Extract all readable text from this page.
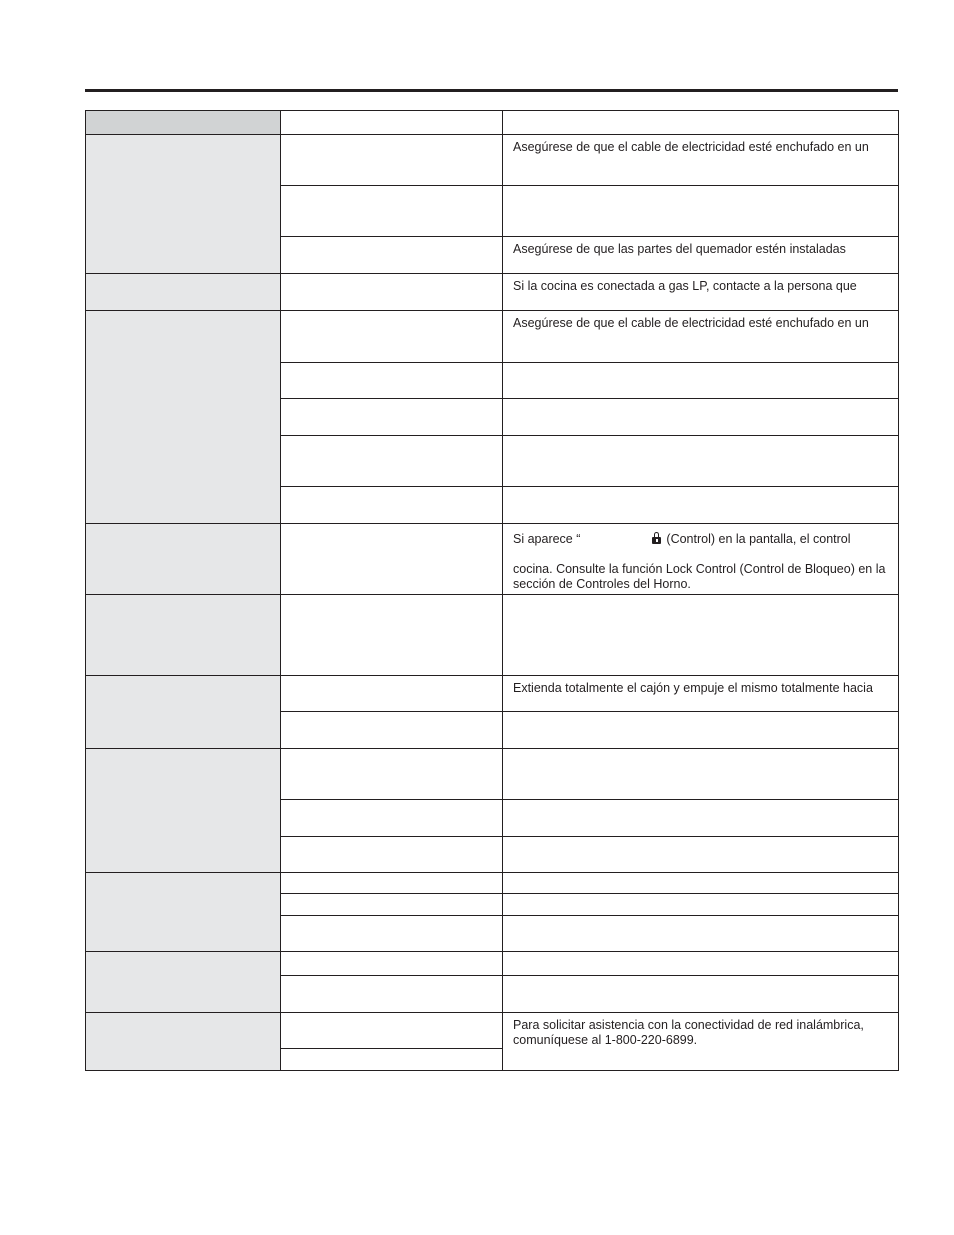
		Asegúrese de que el cable de electricidad esté enchufado en un

		Asegúrese de que las partes del quemador estén instaladas

		Si la cocina es conectada a gas LP, contacte a la persona que

		Asegúrese de que el cable de electricidad esté enchufado en un

		Si aparece “ (Control) en la pantalla, el control

cocina. Consulte la función Lock Control (Control de Bloqueo) en la sección de Controles del Horno.

		Extienda totalmente el cajón y empuje el mismo totalmente hacia

		Para solicitar asistencia con la conectividad de red inalámbrica, comuníquese al 1-800-220-6899.
